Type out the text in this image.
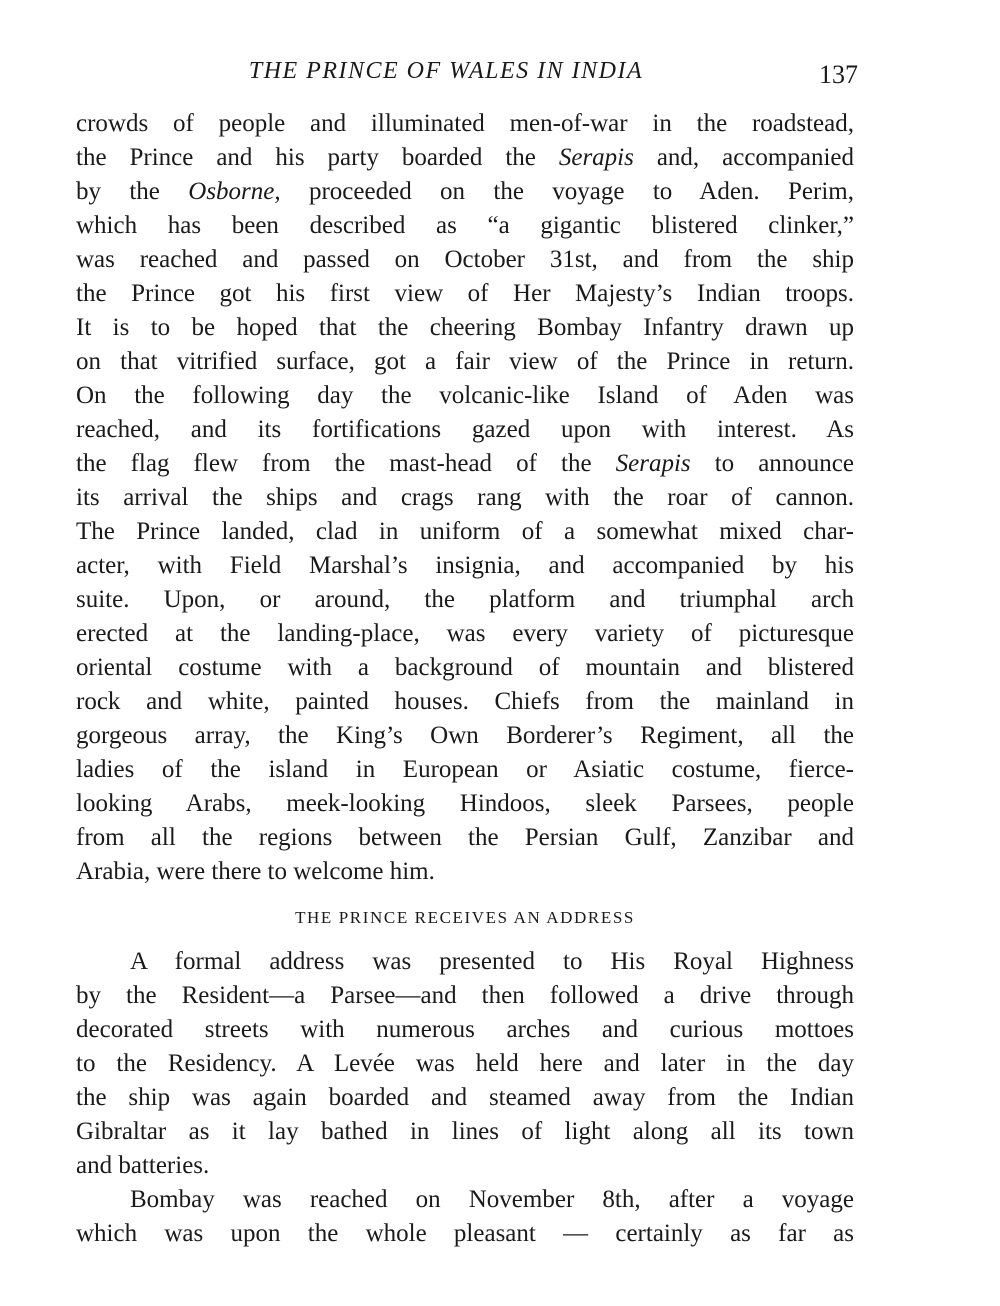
THE PRINCE OF WALES IN INDIA	137
crowds of people and illuminated men-of-war in the roadstead,
the Prince and his party boarded the Serapis and, accompanied
by the Osborne, proceeded on the voyage to Aden. Perim,
which has been described as “a gigantic blistered clinker,”
was reached and passed on October 31st, and from the ship
the Prince got his first view of Her Majesty’s Indian troops.
It is to be hoped that the cheering Bombay Infantry drawn up
on that vitrified surface, got a fair view of the Prince in return.
On the following day the volcanic-like Island of Aden was
reached, and its fortifications gazed upon with interest. As
the flag flew from the mast-head of the Serapis to announce
its arrival the ships and crags rang with the roar of cannon.
The Prince landed, clad in uniform of a somewhat mixed char-
acter, with Field Marshal’s insignia, and accompanied by his
suite. Upon, or around, the platform and triumphal arch
erected at the landing-place, was every variety of picturesque
oriental costume with a background of mountain and blistered
rock and white, painted houses. Chiefs from the mainland in
gorgeous array, the King’s Own Borderer’s Regiment, all the
ladies of the island in European or Asiatic costume, fierce-
looking Arabs, meek-looking Hindoos, sleek Parsees, people
from all the regions between the Persian Gulf, Zanzibar and
Arabia, were there to welcome him.
THE PRINCE RECEIVES AN ADDRESS
A formal address was presented to His Royal Highness
by the Resident—a Parsee—and then followed a drive through
decorated streets with numerous arches and curious mottoes
to the Residency. A Levée was held here and later in the day
the ship was again boarded and steamed away from the Indian
Gibraltar as it lay bathed in lines of light along all its town
and batteries.
Bombay was reached on November 8th, after a voyage
which was upon the whole pleasant — certainly as far as
